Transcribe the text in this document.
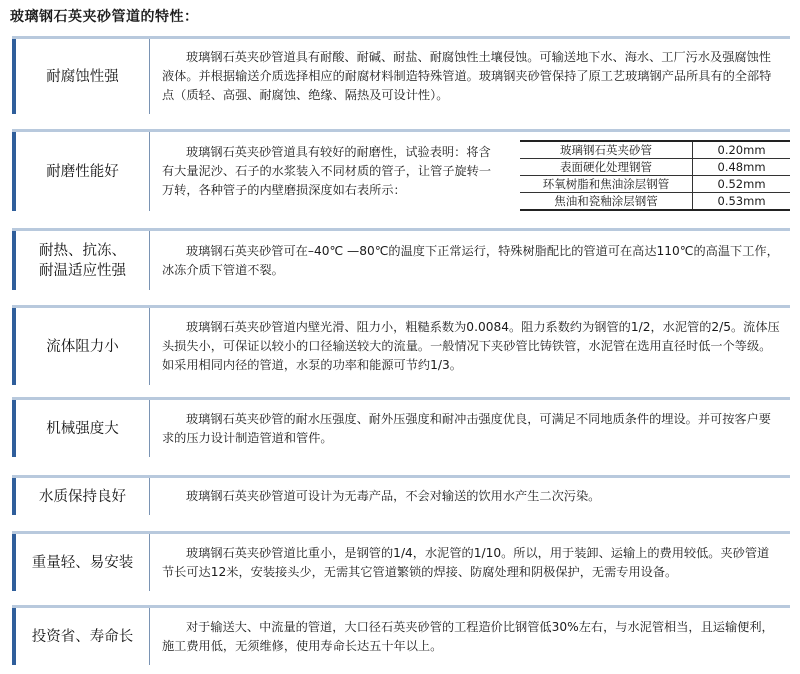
玻璃钢石英夹砂管道的特性：
耐腐蚀性强

玻璃钢石英夹砂管道具有耐酸、耐碱、耐盐、耐腐蚀性土壤侵蚀。可输送地下水、海水、工厂污水及强腐蚀性液体。并根据输送介质选择相应的耐腐材料制造特殊管道。玻璃钢夹砂管保持了原工艺玻璃钢产品所具有的全部特点（质轻、高强、耐腐蚀、绝缘、隔热及可设计性）。

耐磨性能好

玻璃钢石英夹砂管道具有较好的耐磨性，试验表明：将含有大量泥沙、石子的水浆装入不同材质的管子，让管子旋转一万转，各种管子的内壁磨损深度如右表所示：

玻璃钢石英夹砂管	0.20mm
表面硬化处理钢管	0.48mm
环氧树脂和焦油涂层钢管	0.52mm
焦油和瓷釉涂层钢管	0.53mm
耐热、抗冻、
耐温适应性强

玻璃钢石英夹砂管可在–40℃ —80℃的温度下正常运行，特殊树脂配比的管道可在高达110℃的高温下工作，冰冻介质下管道不裂。

流体阻力小

玻璃钢石英夹砂管道内壁光滑、阻力小，粗糙系数为0.0084。阻力系数约为钢管的1/2，水泥管的2/5。流体压头损失小，可保证以较小的口径输送较大的流量。一般情况下夹砂管比铸铁管，水泥管在选用直径时低一个等级。如采用相同内径的管道，水泵的功率和能源可节约1/3。

机械强度大

玻璃钢石英夹砂管的耐水压强度、耐外压强度和耐冲击强度优良，可满足不同地质条件的埋设。并可按客户要求的压力设计制造管道和管件。

水质保持良好	玻璃钢石英夹砂管道可设计为无毒产品，不会对输送的饮用水产生二次污染。

重量轻、易安装

玻璃钢石英夹砂管道比重小，是钢管的1/4，水泥管的1/10。所以，用于装卸、运输上的费用较低。夹砂管道节长可达12米，安装接头少，无需其它管道繁锁的焊接、防腐处理和阴极保护，无需专用设备。

投资省、寿命长

对于输送大、中流量的管道，大口径石英夹砂管的工程造价比钢管低30%左右，与水泥管相当，且运输便利，施工费用低，无须维修，使用寿命长达五十年以上。
